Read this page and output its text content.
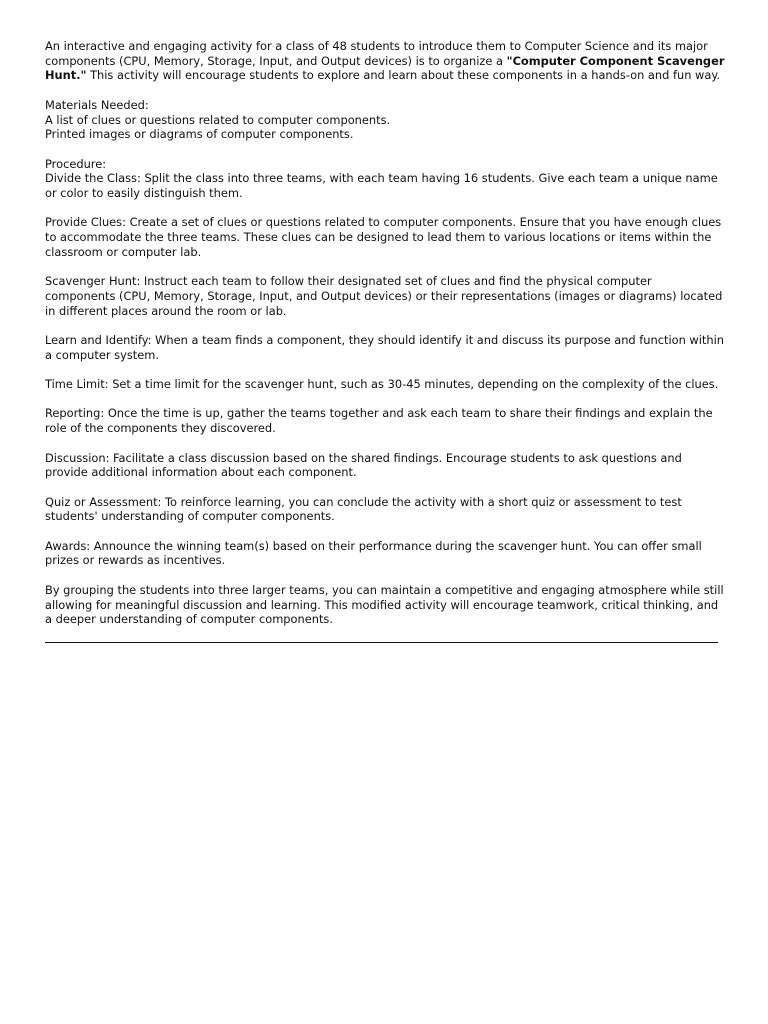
An interactive and engaging activity for a class of 48 students to introduce them to Computer Science and its major components (CPU, Memory, Storage, Input, and Output devices) is to organize a "Computer Component Scavenger Hunt." This activity will encourage students to explore and learn about these components in a hands-on and fun way.

Materials Needed:
A list of clues or questions related to computer components.
Printed images or diagrams of computer components.
Procedure:
Divide the Class: Split the class into three teams, with each team having 16 students. Give each team a unique name or color to easily distinguish them.

Provide Clues: Create a set of clues or questions related to computer components. Ensure that you have enough clues to accommodate the three teams. These clues can be designed to lead them to various locations or items within the classroom or computer lab.

Scavenger Hunt: Instruct each team to follow their designated set of clues and find the physical computer components (CPU, Memory, Storage, Input, and Output devices) or their representations (images or diagrams) located in different places around the room or lab.

Learn and Identify: When a team finds a component, they should identify it and discuss its purpose and function within a computer system.

Time Limit: Set a time limit for the scavenger hunt, such as 30-45 minutes, depending on the complexity of the clues.

Reporting: Once the time is up, gather the teams together and ask each team to share their findings and explain the role of the components they discovered.

Discussion: Facilitate a class discussion based on the shared findings. Encourage students to ask questions and provide additional information about each component.

Quiz or Assessment: To reinforce learning, you can conclude the activity with a short quiz or assessment to test students' understanding of computer components.

Awards: Announce the winning team(s) based on their performance during the scavenger hunt. You can offer small prizes or rewards as incentives.

By grouping the students into three larger teams, you can maintain a competitive and engaging atmosphere while still allowing for meaningful discussion and learning. This modified activity will encourage teamwork, critical thinking, and a deeper understanding of computer components.
